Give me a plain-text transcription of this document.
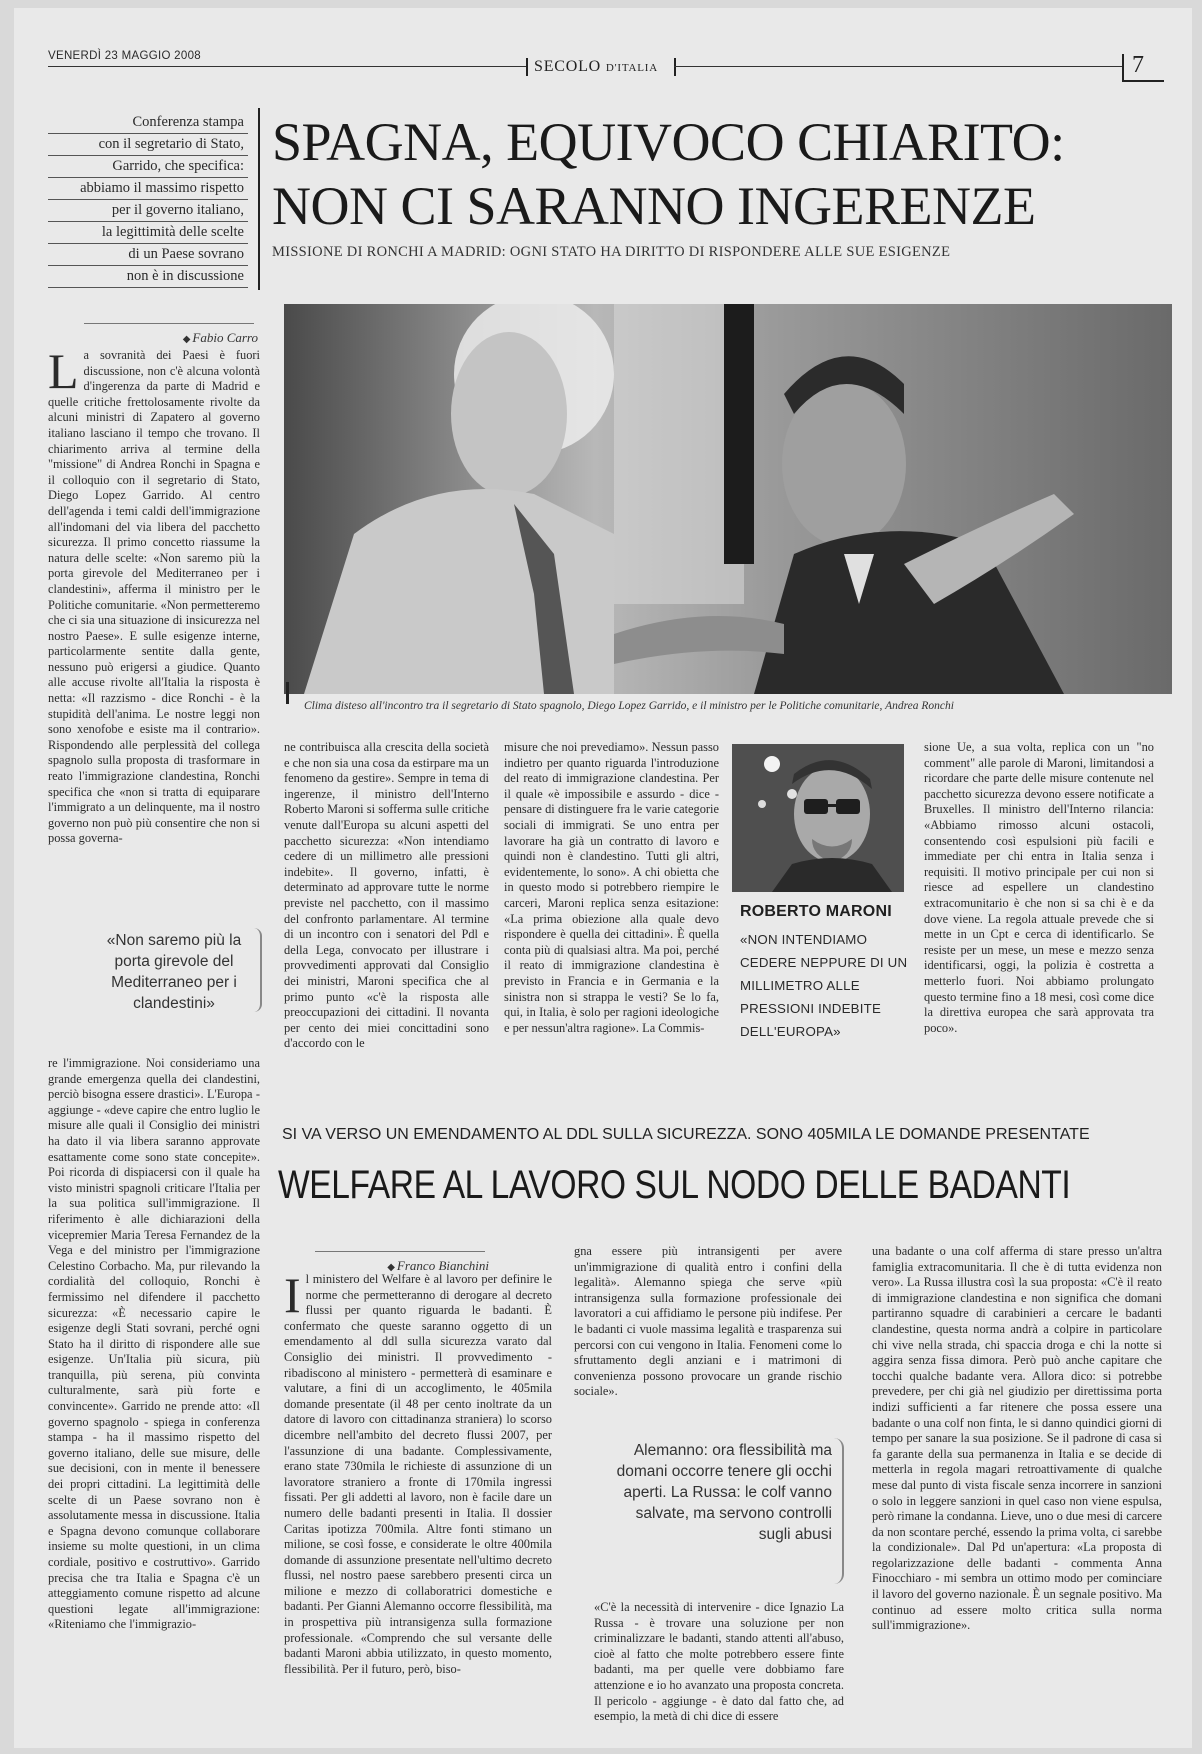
VENERDÌ 23 MAGGIO 2008
SECOLO D'ITALIA	7
Conferenza stampa
con il segretario di Stato,
Garrido, che specifica:
abbiamo il massimo rispetto
per il governo italiano,
la legittimità delle scelte
di un Paese sovrano
non è in discussione
SPAGNA, EQUIVOCO CHIARITO:
NON CI SARANNO INGERENZE
MISSIONE DI RONCHI A MADRID: OGNI STATO HA DIRITTO DI RISPONDERE ALLE SUE ESIGENZE
◆ Fabio Carro
La sovranità dei Paesi è fuori discussione, non c'è alcuna volontà d'ingerenza da parte di Madrid e quelle critiche frettolosamente rivolte da alcuni ministri di Zapatero al governo italiano lasciano il tempo che trovano. Il chiarimento arriva al termine della "missione" di Andrea Ronchi in Spagna e il colloquio con il segretario di Stato, Diego Lopez Garrido. Al centro dell'agenda i temi caldi dell'immigrazione all'indomani del via libera del pacchetto sicurezza. Il primo concetto riassume la natura delle scelte: «Non saremo più la porta girevole del Mediterraneo per i clandestini», afferma il ministro per le Politiche comunitarie. «Non permetteremo che ci sia una situazione di insicurezza nel nostro Paese». E sulle esigenze interne, particolarmente sentite dalla gente, nessuno può erigersi a giudice. Quanto alle accuse rivolte all'Italia la risposta è netta: «Il razzismo - dice Ronchi - è la stupidità dell'anima. Le nostre leggi non sono xenofobe e esiste ma il contrario». Rispondendo alle perplessità del collega spagnolo sulla proposta di trasformare in reato l'immigrazione clandestina, Ronchi specifica che «non si tratta di equiparare l'immigrato a un delinquente, ma il nostro governo non può più consentire che non si possa governa-
«Non saremo più la porta girevole del Mediterraneo per i clandestini»
re l'immigrazione. Noi consideriamo una grande emergenza quella dei clandestini, perciò bisogna essere drastici». L'Europa - aggiunge - «deve capire che entro luglio le misure alle quali il Consiglio dei ministri ha dato il via libera saranno approvate esattamente come sono state concepite». Poi ricorda di dispiacersi con il quale ha visto ministri spagnoli criticare l'Italia per la sua politica sull'immigrazione. Il riferimento è alle dichiarazioni della vicepremier Maria Teresa Fernandez de la Vega e del ministro per l'immigrazione Celestino Corbacho. Ma, pur rilevando la cordialità del colloquio, Ronchi è fermissimo nel difendere il pacchetto sicurezza: «È necessario capire le esigenze degli Stati sovrani, perché ogni Stato ha il diritto di rispondere alle sue esigenze. Un'Italia più sicura, più tranquilla, più serena, più convinta culturalmente, sarà più forte e convincente». Garrido ne prende atto: «Il governo spagnolo - spiega in conferenza stampa - ha il massimo rispetto del governo italiano, delle sue misure, delle sue decisioni, con in mente il benessere dei propri cittadini. La legittimità delle scelte di un Paese sovrano non è assolutamente messa in discussione. Italia e Spagna devono comunque collaborare insieme su molte questioni, in un clima cordiale, positivo e costruttivo». Garrido precisa che tra Italia e Spagna c'è un atteggiamento comune rispetto ad alcune questioni legate all'immigrazione: «Riteniamo che l'immigrazio-
Clima disteso all'incontro tra il segretario di Stato spagnolo, Diego Lopez Garrido, e il ministro per le Politiche comunitarie, Andrea Ronchi
ne contribuisca alla crescita della società e che non sia una cosa da estirpare ma un fenomeno da gestire». Sempre in tema di ingerenze, il ministro dell'Interno Roberto Maroni si sofferma sulle critiche venute dall'Europa su alcuni aspetti del pacchetto sicurezza: «Non intendiamo cedere di un millimetro alle pressioni indebite». Il governo, infatti, è determinato ad approvare tutte le norme previste nel pacchetto, con il massimo del confronto parlamentare. Al termine di un incontro con i senatori del Pdl e della Lega, convocato per illustrare i provvedimenti approvati dal Consiglio dei ministri, Maroni specifica che al primo punto «c'è la risposta alle preoccupazioni dei cittadini. Il novanta per cento dei miei concittadini sono d'accordo con le
misure che noi prevediamo». Nessun passo indietro per quanto riguarda l'introduzione del reato di immigrazione clandestina. Per il quale «è impossibile e assurdo - dice - pensare di distinguere fra le varie categorie sociali di immigrati. Se uno entra per lavorare ha già un contratto di lavoro e quindi non è clandestino. Tutti gli altri, evidentemente, lo sono». A chi obietta che in questo modo si potrebbero riempire le carceri, Maroni replica senza esitazione: «La prima obiezione alla quale devo rispondere è quella dei cittadini». È quella conta più di qualsiasi altra. Ma poi, perché il reato di immigrazione clandestina è previsto in Francia e in Germania e la sinistra non si strappa le vesti? Se lo fa, qui, in Italia, è solo per ragioni ideologiche e per nessun'altra ragione». La Commis-
ROBERTO MARONI
«NON INTENDIAMO CEDERE NEPPURE DI UN MILLIMETRO ALLE PRESSIONI INDEBITE DELL'EUROPA»
sione Ue, a sua volta, replica con un "no comment" alle parole di Maroni, limitandosi a ricordare che parte delle misure contenute nel pacchetto sicurezza devono essere notificate a Bruxelles. Il ministro dell'Interno rilancia: «Abbiamo rimosso alcuni ostacoli, consentendo così espulsioni più facili e immediate per chi entra in Italia senza i requisiti. Il motivo principale per cui non si riesce ad espellere un clandestino extracomunitario è che non si sa chi è e da dove viene. La regola attuale prevede che si mette in un Cpt e cerca di identificarlo. Se resiste per un mese, un mese e mezzo senza identificarsi, oggi, la polizia è costretta a metterlo fuori. Noi abbiamo prolungato questo termine fino a 18 mesi, così come dice la direttiva europea che sarà approvata tra poco».
SI VA VERSO UN EMENDAMENTO AL DDL SULLA SICUREZZA. SONO 405MILA LE DOMANDE PRESENTATE
WELFARE AL LAVORO SUL NODO DELLE BADANTI
◆ Franco Bianchini
Il ministero del Welfare è al lavoro per definire le norme che permetteranno di derogare al decreto flussi per quanto riguarda le badanti. È confermato che queste saranno oggetto di un emendamento al ddl sulla sicurezza varato dal Consiglio dei ministri. Il provvedimento - ribadiscono al ministero - permetterà di esaminare e valutare, a fini di un accoglimento, le 405mila domande presentate (il 48 per cento inoltrate da un datore di lavoro con cittadinanza straniera) lo scorso dicembre nell'ambito del decreto flussi 2007, per l'assunzione di una badante. Complessivamente, erano state 730mila le richieste di assunzione di un lavoratore straniero a fronte di 170mila ingressi fissati. Per gli addetti al lavoro, non è facile dare un numero delle badanti presenti in Italia. Il dossier Caritas ipotizza 700mila. Altre fonti stimano un milione, se così fosse, e considerate le oltre 400mila domande di assunzione presentate nell'ultimo decreto flussi, nel nostro paese sarebbero presenti circa un milione e mezzo di collaboratrici domestiche e badanti. Per Gianni Alemanno occorre flessibilità, ma in prospettiva più intransigenza sulla formazione professionale. «Comprendo che sul versante delle badanti Maroni abbia utilizzato, in questo momento, flessibilità. Per il futuro, però, biso-
gna essere più intransigenti per avere un'immigrazione di qualità entro i confini della legalità». Alemanno spiega che serve «più intransigenza sulla formazione professionale dei lavoratori a cui affidiamo le persone più indifese. Per le badanti ci vuole massima legalità e trasparenza sui percorsi con cui vengono in Italia. Fenomeni come lo sfruttamento degli anziani e i matrimoni di convenienza possono provocare un grande rischio sociale».
Alemanno: ora flessibilità ma domani occorre tenere gli occhi aperti. La Russa: le colf vanno salvate, ma servono controlli sugli abusi
«C'è la necessità di intervenire - dice Ignazio La Russa - è trovare una soluzione per non criminalizzare le badanti, stando attenti all'abuso, cioè al fatto che molte potrebbero essere finte badanti, ma per quelle vere dobbiamo fare attenzione e io ho avanzato una proposta concreta. Il pericolo - aggiunge - è dato dal fatto che, ad esempio, la metà di chi dice di essere
una badante o una colf afferma di stare presso un'altra famiglia extracomunitaria. Il che è di tutta evidenza non vero». La Russa illustra così la sua proposta: «C'è il reato di immigrazione clandestina e non significa che domani partiranno squadre di carabinieri a cercare le badanti clandestine, questa norma andrà a colpire in particolare chi vive nella strada, chi spaccia droga e chi la notte si aggira senza fissa dimora. Però può anche capitare che tocchi qualche badante vera. Allora dico: si potrebbe prevedere, per chi già nel giudizio per direttissima porta indizi sufficienti a far ritenere che possa essere una badante o una colf non finta, le si danno quindici giorni di tempo per sanare la sua posizione. Se il padrone di casa si fa garante della sua permanenza in Italia e se decide di metterla in regola magari retroattivamente di qualche mese dal punto di vista fiscale senza incorrere in sanzioni o solo in leggere sanzioni in quel caso non viene espulsa, però rimane la condanna. Lieve, uno o due mesi di carcere da non scontare perché, essendo la prima volta, ci sarebbe la condizionale». Dal Pd un'apertura: «La proposta di regolarizzazione delle badanti - commenta Anna Finocchiaro - mi sembra un ottimo modo per cominciare il lavoro del governo nazionale. È un segnale positivo. Ma continuo ad essere molto critica sulla norma sull'immigrazione».
